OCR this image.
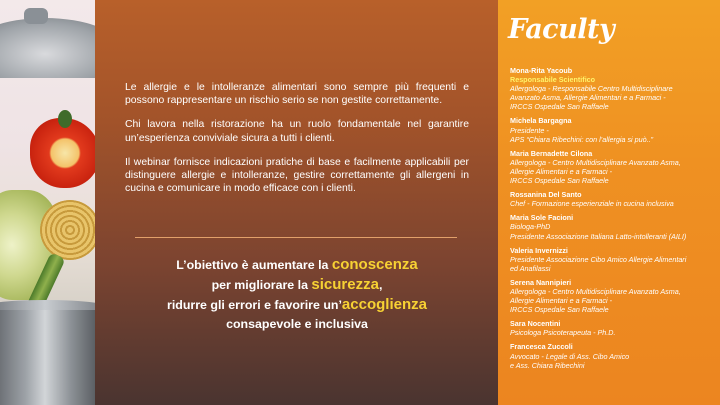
Le allergie e le intolleranze alimentari sono sempre più frequenti e possono rappresentare un rischio serio se non gestite correttamente.

Chi lavora nella ristorazione ha un ruolo fondamentale nel garantire un’esperienza conviviale sicura a tutti i clienti.

Il webinar fornisce indicazioni pratiche di base e facilmente applicabili per distinguere allergie e intolleranze, gestire correttamente gli allergeni in cucina e comunicare in modo efficace con i clienti.

L’obiettivo è aumentare la conoscenza
per migliorare la sicurezza,
ridurre gli errori e favorire un’accoglienza
consapevole e inclusiva
Faculty
Mona-Rita Yacoub
Responsabile Scientifico
Allergologa - Responsabile Centro Multidisciplinare
Avanzato Asma, Allergie Alimentari e a Farmaci -
IRCCS Ospedale San Raffaele
Michela Bargagna
Presidente -
APS “Chiara Ribechini: con l’allergia si può..”
Maria Bernadette Cilona
Allergologa - Centro Multidisciplinare Avanzato Asma,
Allergie Alimentari e a Farmaci -
IRCCS Ospedale San Raffaele
Rossanina Del Santo
Chef - Formazione esperienziale in cucina inclusiva
Maria Sole Facioni
Biologa-PhD
Presidente Associazione Italiana Latto-intolleranti (AILI)
Valeria Invernizzi
Presidente Associazione Cibo Amico Allergie Alimentari
ed Anafilassi
Serena Nannipieri
Allergologa - Centro Multidisciplinare Avanzato Asma,
Allergie Alimentari e a Farmaci -
IRCCS Ospedale San Raffaele
Sara Nocentini
Psicologa Psicoterapeuta - Ph.D.
Francesca Zuccoli
Avvocato - Legale di Ass. Cibo Amico
e Ass. Chiara Ribechini
